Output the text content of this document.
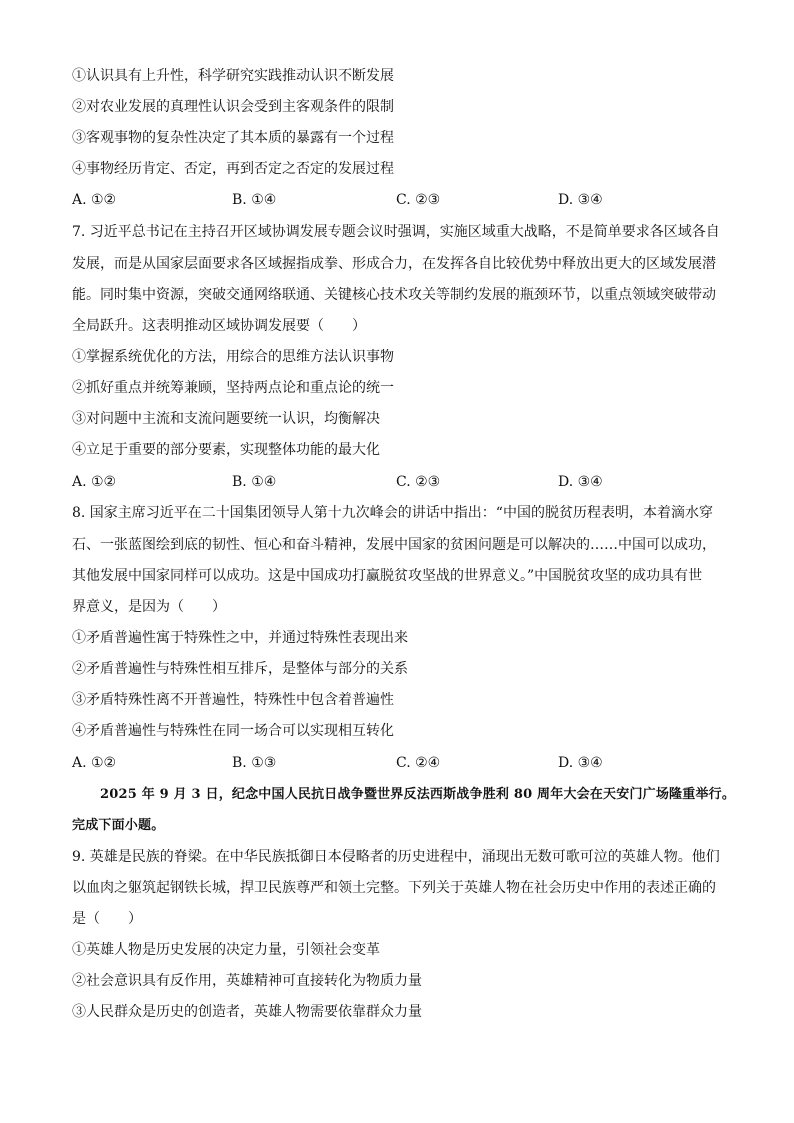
①认识具有上升性，科学研究实践推动认识不断发展
②对农业发展的真理性认识会受到主客观条件的限制
③客观事物的复杂性决定了其本质的暴露有一个过程
④事物经历肯定、否定，再到否定之否定的发展过程
A. ①②	B. ①④	C. ②③	D. ③④
7. 习近平总书记在主持召开区域协调发展专题会议时强调，实施区域重大战略，不是简单要求各区域各自
发展，而是从国家层面要求各区域握指成拳、形成合力，在发挥各自比较优势中释放出更大的区域发展潜
能。同时集中资源，突破交通网络联通、关键核心技术攻关等制约发展的瓶颈环节，以重点领域突破带动
全局跃升。这表明推动区域协调发展要（　　）
①掌握系统优化的方法，用综合的思维方法认识事物
②抓好重点并统筹兼顾，坚持两点论和重点论的统一
③对问题中主流和支流问题要统一认识，均衡解决
④立足于重要的部分要素，实现整体功能的最大化
A. ①②	B. ①④	C. ②③	D. ③④
8. 国家主席习近平在二十国集团领导人第十九次峰会的讲话中指出：“中国的脱贫历程表明，本着滴水穿
石、一张蓝图绘到底的韧性、恒心和奋斗精神，发展中国家的贫困问题是可以解决的……中国可以成功，
其他发展中国家同样可以成功。这是中国成功打赢脱贫攻坚战的世界意义。”中国脱贫攻坚的成功具有世
界意义，是因为（　　）
①矛盾普遍性寓于特殊性之中，并通过特殊性表现出来
②矛盾普遍性与特殊性相互排斥，是整体与部分的关系
③矛盾特殊性离不开普遍性，特殊性中包含着普遍性
④矛盾普遍性与特殊性在同一场合可以实现相互转化
A. ①②	B. ①③	C. ②④	D. ③④
2025 年 9 月 3 日，纪念中国人民抗日战争暨世界反法西斯战争胜利 80 周年大会在天安门广场隆重举行。
完成下面小题。
9. 英雄是民族的脊梁。在中华民族抵御日本侵略者的历史进程中，涌现出无数可歌可泣的英雄人物。他们
以血肉之躯筑起钢铁长城，捍卫民族尊严和领土完整。下列关于英雄人物在社会历史中作用的表述正确的
是（　　）
①英雄人物是历史发展的决定力量，引领社会变革
②社会意识具有反作用，英雄精神可直接转化为物质力量
③人民群众是历史的创造者，英雄人物需要依靠群众力量
